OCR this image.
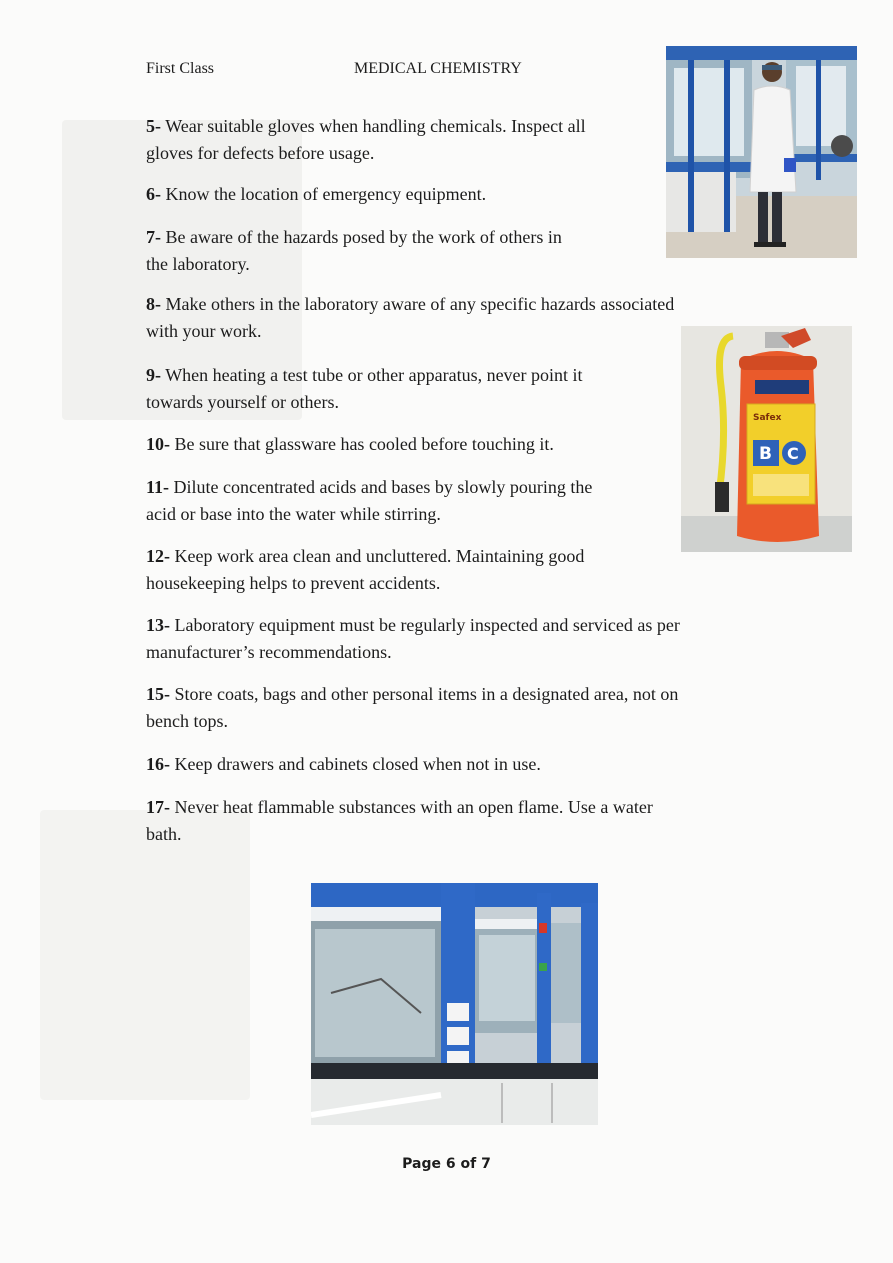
First Class	MEDICAL CHEMISTRY
5- Wear suitable gloves when handling chemicals. Inspect all
gloves for defects before usage.
6- Know the location of emergency equipment.
7- Be aware of the hazards posed by the work of others in
the laboratory.
8- Make others in the laboratory aware of any specific hazards associated
with your work.
9- When heating a test tube or other apparatus, never point it
towards yourself or others.
10- Be sure that glassware has cooled before touching it.
11- Dilute concentrated acids and bases by slowly pouring the
acid or base into the water while stirring.
12- Keep work area clean and uncluttered. Maintaining good
housekeeping helps to prevent accidents.
13- Laboratory equipment must be regularly inspected and serviced as per
manufacturer’s recommendations.
15- Store coats, bags and other personal items in a designated area, not on
bench tops.
16- Keep drawers and cabinets closed when not in use.
17- Never heat flammable substances with an open flame. Use a water
bath.
Safex
B C
Page 6 of 7
